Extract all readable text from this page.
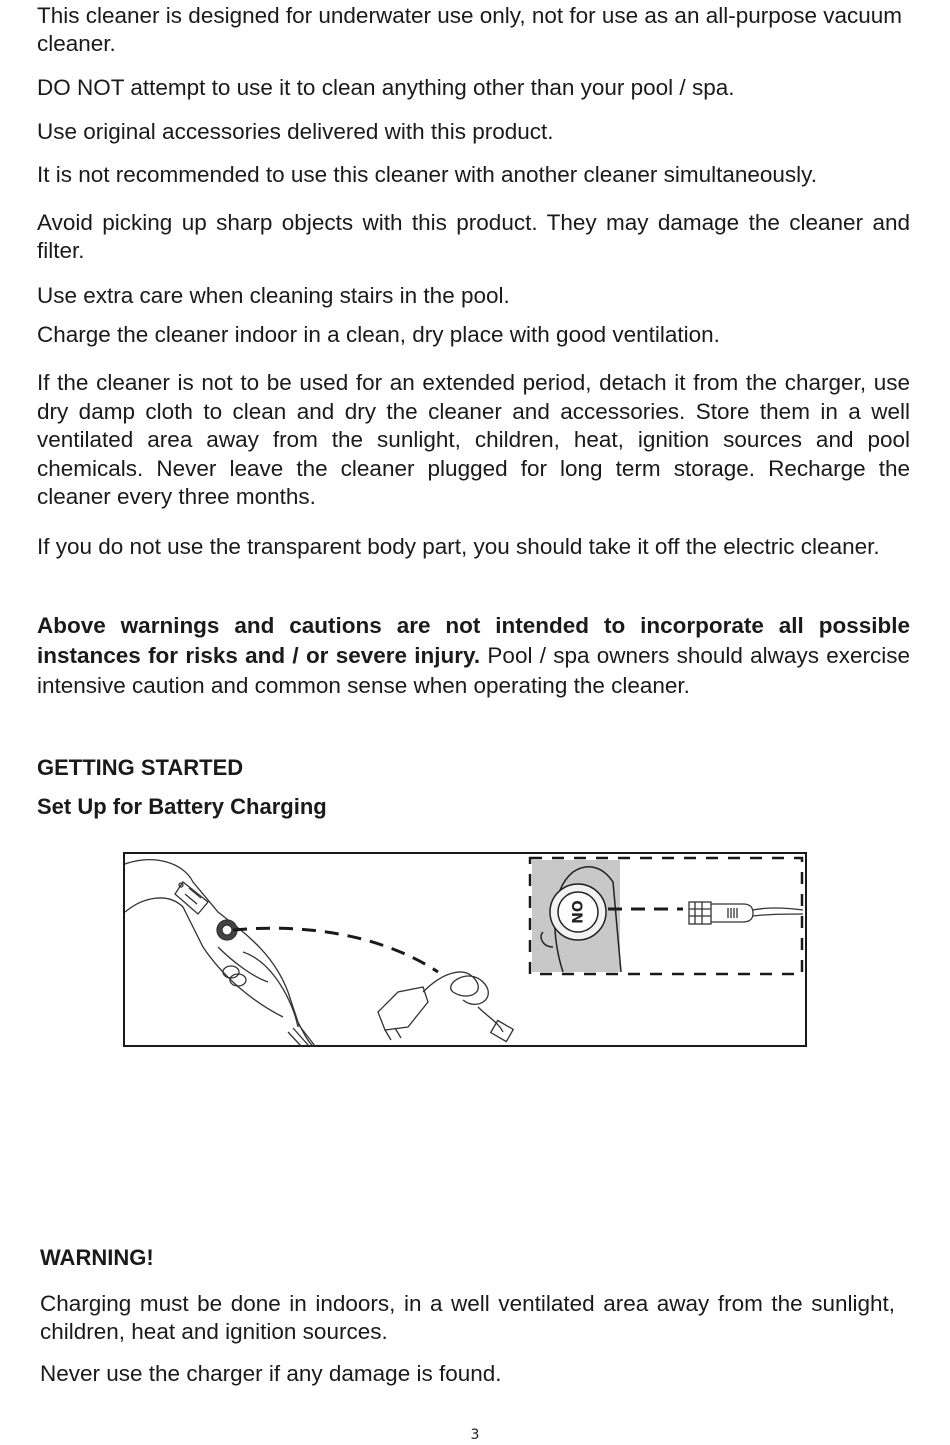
This cleaner is designed for underwater use only, not for use as an all-purpose vacuum cleaner.

DO NOT attempt to use it to clean anything other than your pool / spa.

Use original accessories delivered with this product.

It is not recommended to use this cleaner with another cleaner simultaneously.

Avoid picking up sharp objects with this product. They may damage the cleaner and filter.

Use extra care when cleaning stairs in the pool.

Charge the cleaner indoor in a clean, dry place with good ventilation.

If the cleaner is not to be used for an extended period, detach it from the charger, use dry damp cloth to clean and dry the cleaner and accessories. Store them in a well ventilated area away from the sunlight, children, heat, ignition sources and pool chemicals. Never leave the cleaner plugged for long term storage. Recharge the cleaner every three months.

If you do not use the transparent body part, you should take it off the electric cleaner.

Above warnings and cautions are not intended to incorporate all possible instances for risks and / or severe injury. Pool / spa owners should always exercise intensive caution and common sense when operating the cleaner.

GETTING STARTED
Set Up for Battery Charging
ON
WARNING!

Charging must be done in indoors, in a well ventilated area away from the sunlight, children, heat and ignition sources.

Never use the charger if any damage is found.

3
